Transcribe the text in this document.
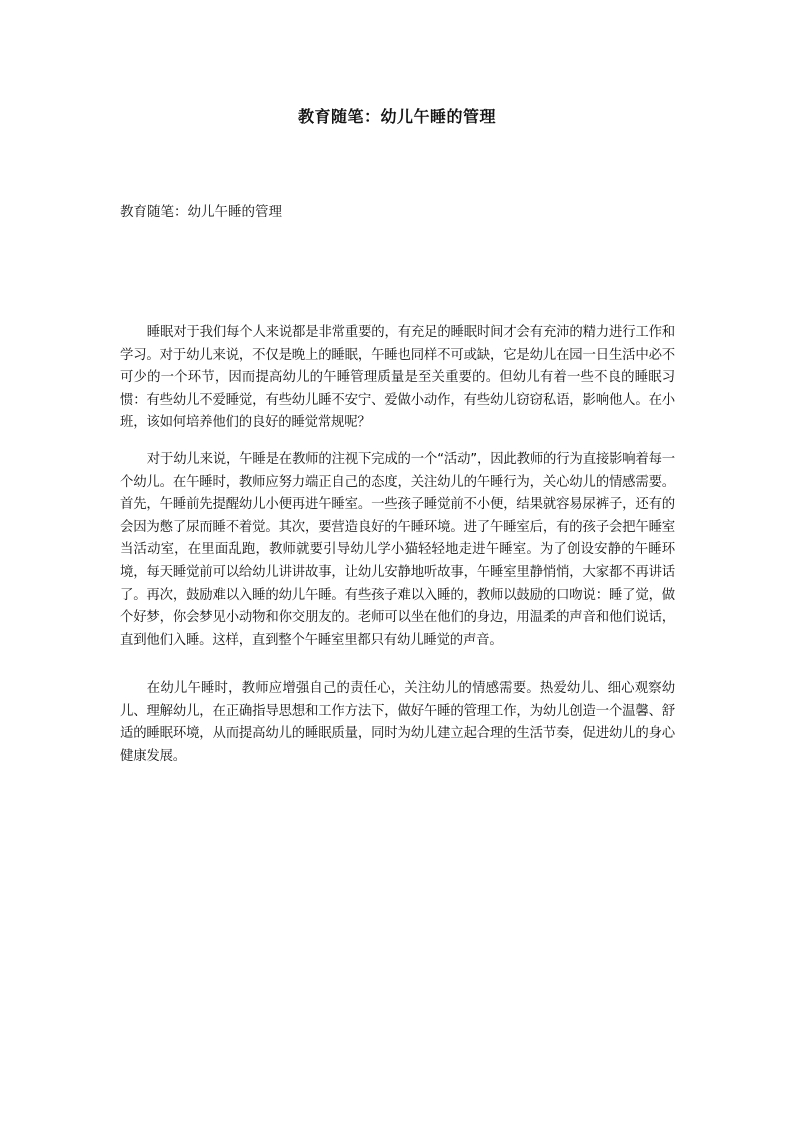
教育随笔：幼儿午睡的管理

教育随笔：幼儿午睡的管理

睡眠对于我们每个人来说都是非常重要的，有充足的睡眠时间才会有充沛的精力进行工作和学习。对于幼儿来说，不仅是晚上的睡眠，午睡也同样不可或缺，它是幼儿在园一日生活中必不可少的一个环节，因而提高幼儿的午睡管理质量是至关重要的。但幼儿有着一些不良的睡眠习惯：有些幼儿不爱睡觉，有些幼儿睡不安宁、爱做小动作，有些幼儿窃窃私语，影响他人。在小班，该如何培养他们的良好的睡觉常规呢？

对于幼儿来说，午睡是在教师的注视下完成的一个“活动”，因此教师的行为直接影响着每一个幼儿。在午睡时，教师应努力端正自己的态度，关注幼儿的午睡行为，关心幼儿的情感需要。首先，午睡前先提醒幼儿小便再进午睡室。一些孩子睡觉前不小便，结果就容易尿裤子，还有的会因为憋了尿而睡不着觉。其次，要营造良好的午睡环境。进了午睡室后，有的孩子会把午睡室当活动室，在里面乱跑，教师就要引导幼儿学小猫轻轻地走进午睡室。为了创设安静的午睡环境，每天睡觉前可以给幼儿讲讲故事，让幼儿安静地听故事，午睡室里静悄悄，大家都不再讲话了。再次，鼓励难以入睡的幼儿午睡。有些孩子难以入睡的，教师以鼓励的口吻说：睡了觉，做个好梦，你会梦见小动物和你交朋友的。老师可以坐在他们的身边，用温柔的声音和他们说话，直到他们入睡。这样，直到整个午睡室里都只有幼儿睡觉的声音。

在幼儿午睡时，教师应增强自己的责任心，关注幼儿的情感需要。热爱幼儿、细心观察幼儿、理解幼儿，在正确指导思想和工作方法下，做好午睡的管理工作，为幼儿创造一个温馨、舒适的睡眠环境，从而提高幼儿的睡眠质量，同时为幼儿建立起合理的生活节奏，促进幼儿的身心健康发展。
